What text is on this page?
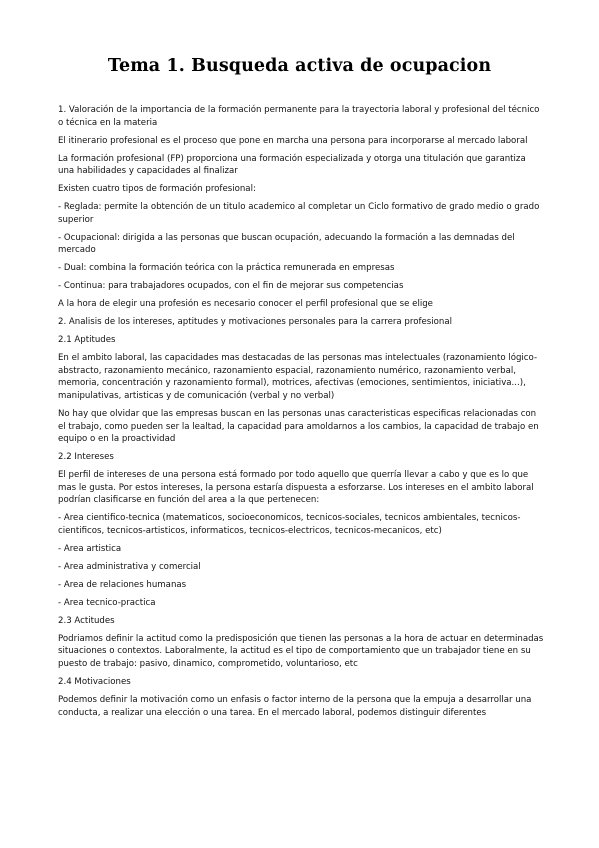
Tema 1. Busqueda activa de ocupacion

1. Valoración de la importancia de la formación permanente para la trayectoria laboral y profesional del técnico o técnica en la materia

El itinerario profesional es el proceso que pone en marcha una persona para incorporarse al mercado laboral

La formación profesional (FP) proporciona una formación especializada y otorga una titulación que garantiza una habilidades y capacidades al finalizar

Existen cuatro tipos de formación profesional:

- Reglada: permite la obtención de un titulo academico al completar un Ciclo formativo de grado medio o grado superior

- Ocupacional: dirigida a las personas que buscan ocupación, adecuando la formación a las demnadas del mercado

- Dual: combina la formación teórica con la práctica remunerada en empresas

- Continua: para trabajadores ocupados, con el fin de mejorar sus competencias

A la hora de elegir una profesión es necesario conocer el perfil profesional que se elige

2. Analisis de los intereses, aptitudes y motivaciones personales para la carrera profesional

2.1 Aptitudes

En el ambito laboral, las capacidades mas destacadas de las personas mas intelectuales (razonamiento lógico-abstracto, razonamiento mecánico, razonamiento espacial, razonamiento numérico, razonamiento verbal, memoria, concentración y razonamiento formal), motrices, afectivas (emociones, sentimientos, iniciativa...), manipulativas, artisticas y de comunicación (verbal y no verbal)

No hay que olvidar que las empresas buscan en las personas unas caracteristicas especificas relacionadas con el trabajo, como pueden ser la lealtad, la capacidad para amoldarnos a los cambios, la capacidad de trabajo en equipo o en la proactividad

2.2 Intereses

El perfil de intereses de una persona está formado por todo aquello que querría llevar a cabo y que es lo que mas le gusta. Por estos intereses, la persona estaría dispuesta a esforzarse. Los intereses en el ambito laboral podrían clasificarse en función del area a la que pertenecen:

- Area cientifico-tecnica (matematicos, socioeconomicos, tecnicos-sociales, tecnicos ambientales, tecnicos-cientificos, tecnicos-artisticos, informaticos, tecnicos-electricos, tecnicos-mecanicos, etc)

- Area artistica

- Area administrativa y comercial

- Area de relaciones humanas

- Area tecnico-practica

2.3 Actitudes

Podriamos definir la actitud como la predisposición que tienen las personas a la hora de actuar en determinadas situaciones o contextos. Laboralmente, la actitud es el tipo de comportamiento que un trabajador tiene en su puesto de trabajo: pasivo, dinamico, comprometido, voluntarioso, etc

2.4 Motivaciones

Podemos definir la motivación como un enfasis o factor interno de la persona que la empuja a desarrollar una conducta, a realizar una elección o una tarea. En el mercado laboral, podemos distinguir diferentes
